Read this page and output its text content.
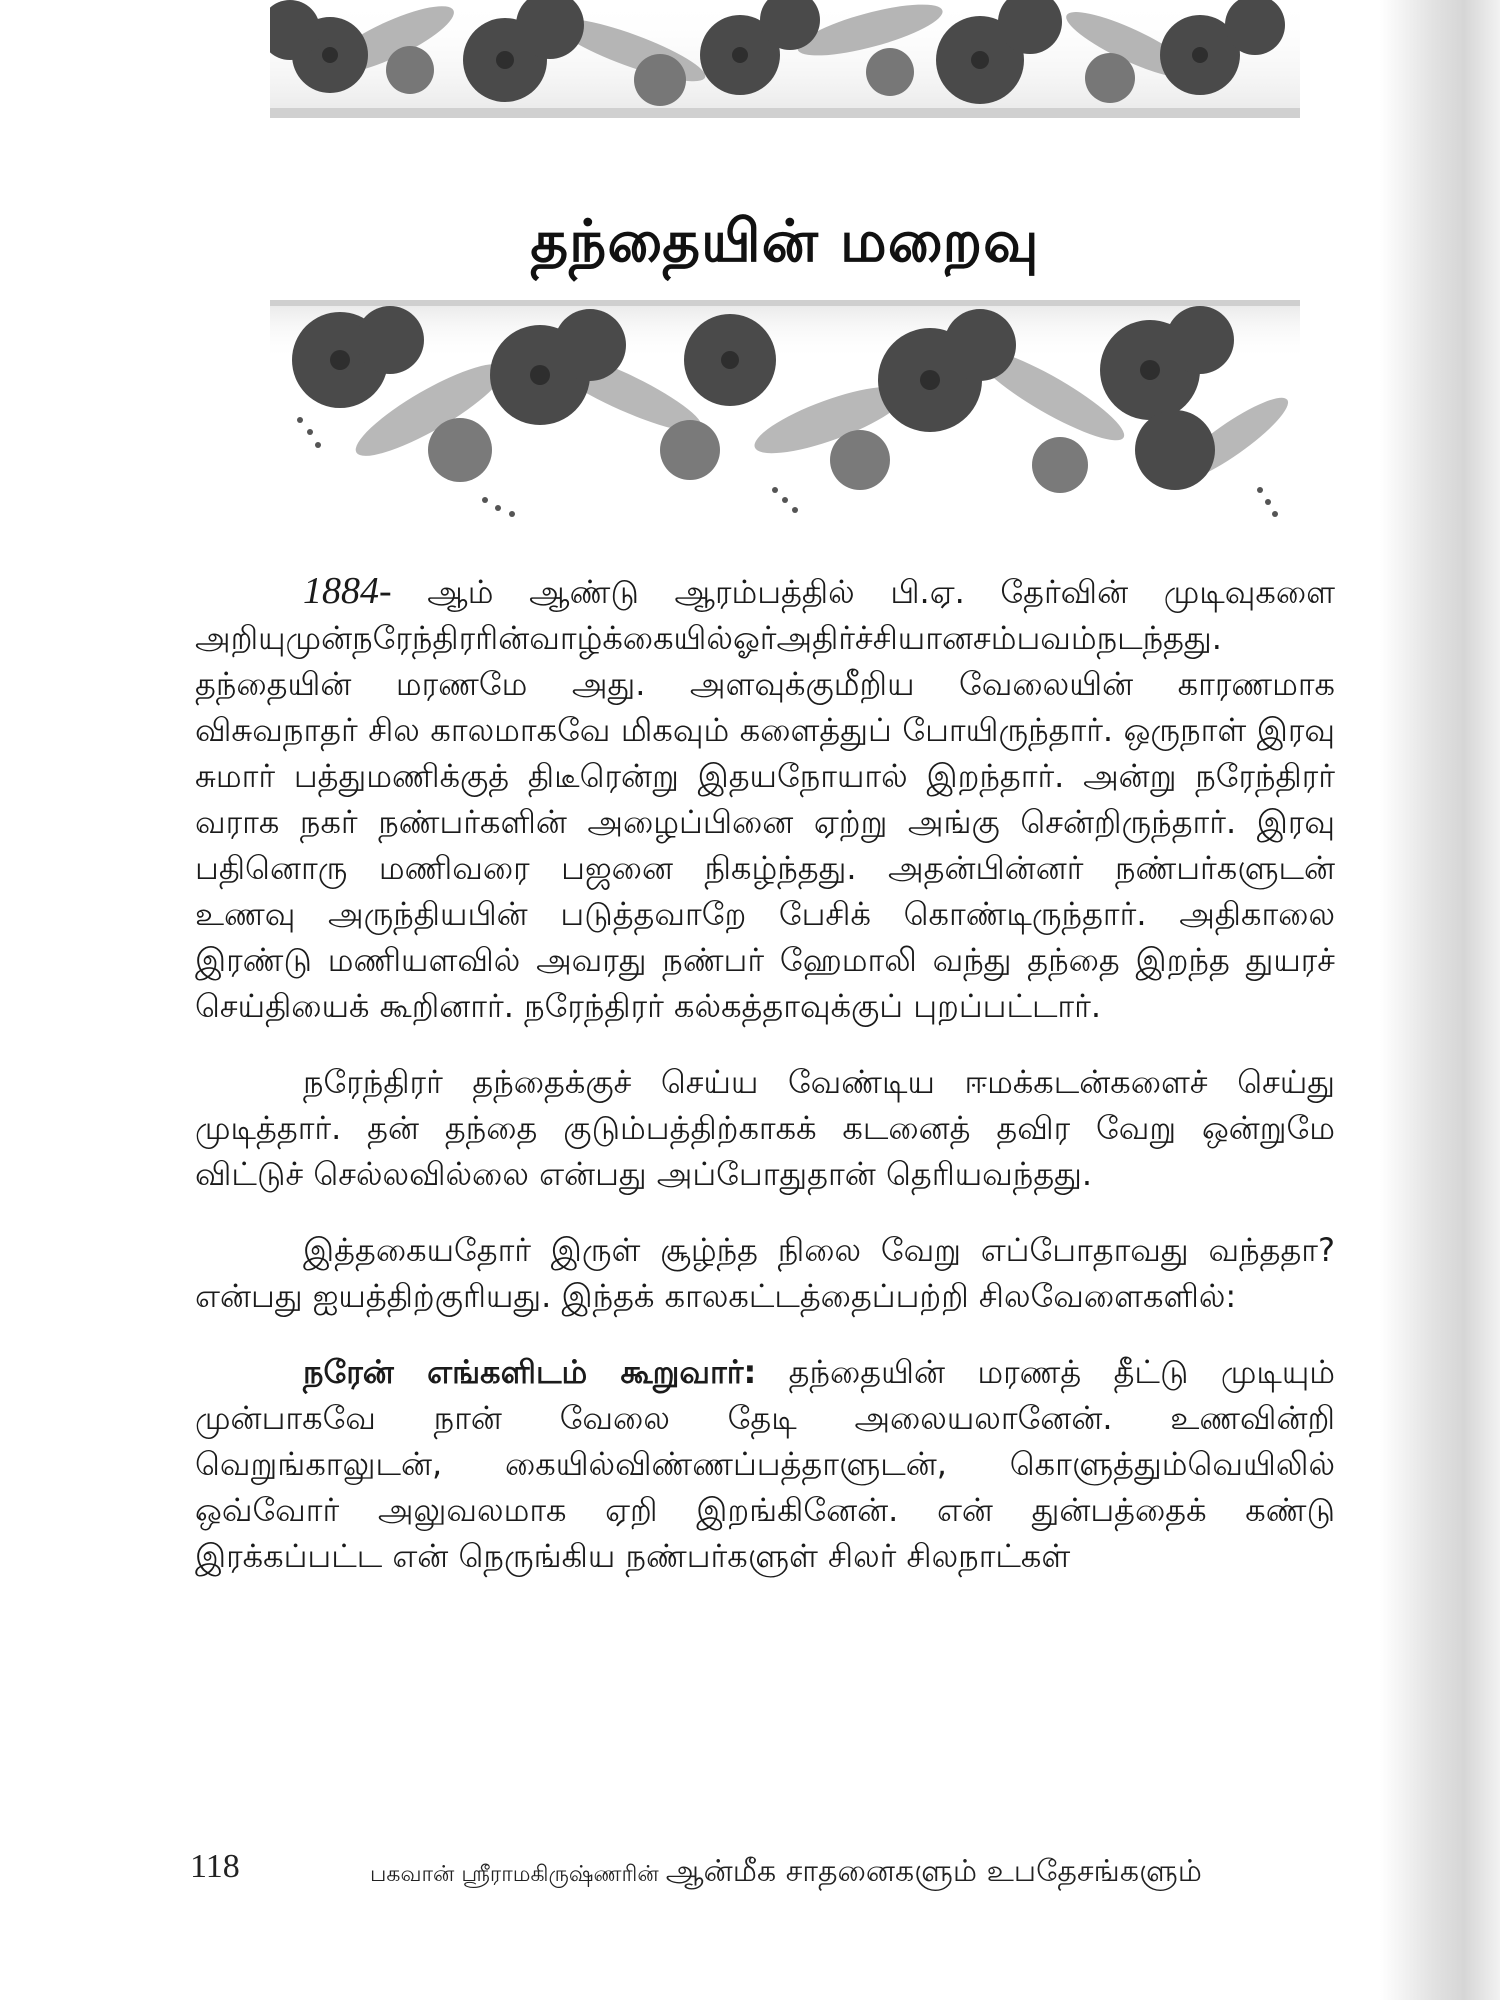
தந்தையின் மறைவு

1884- ஆம் ஆண்டு ஆரம்பத்தில் பி.ஏ. தேர்வின் முடிவுகளை அறியுமுன்நரேந்திரரின்வாழ்க்கையில்ஓர்அதிர்ச்சியானசம்பவம்நடந்தது. தந்தையின் மரணமே அது. அளவுக்குமீறிய வேலையின் காரணமாக விசுவநாதர் சில காலமாகவே மிகவும் களைத்துப் போயிருந்தார். ஒருநாள் இரவு சுமார் பத்துமணிக்குத் திடீரென்று இதயநோயால் இறந்தார். அன்று நரேந்திரர் வராக நகர் நண்பர்களின் அழைப்பினை ஏற்று அங்கு சென்றிருந்தார். இரவு பதினொரு மணிவரை பஜனை நிகழ்ந்தது. அதன்பின்னர் நண்பர்களுடன் உணவு அருந்தியபின் படுத்தவாறே பேசிக் கொண்டிருந்தார். அதிகாலை இரண்டு மணியளவில் அவரது நண்பர் ஹேமாலி வந்து தந்தை இறந்த துயரச் செய்தியைக் கூறினார். நரேந்திரர் கல்கத்தாவுக்குப் புறப்பட்டார்.

நரேந்திரர் தந்தைக்குச் செய்ய வேண்டிய ஈமக்கடன்களைச் செய்து முடித்தார். தன் தந்தை குடும்பத்திற்காகக் கடனைத் தவிர வேறு ஒன்றுமே விட்டுச் செல்லவில்லை என்பது அப்போதுதான் தெரியவந்தது.

இத்தகையதோர் இருள் சூழ்ந்த நிலை வேறு எப்போதாவது வந்ததா? என்பது ஐயத்திற்குரியது. இந்தக் காலகட்டத்தைப்பற்றி சிலவேளைகளில்:

நரேன் எங்களிடம் கூறுவார்: தந்தையின் மரணத் தீட்டு முடியும் முன்பாகவே நான் வேலை தேடி அலையலானேன். உணவின்றி வெறுங்காலுடன், கையில்விண்ணப்பத்தாளுடன், கொளுத்தும்வெயிலில் ஒவ்வோர் அலுவலமாக ஏறி இறங்கினேன். என் துன்பத்தைக் கண்டு இரக்கப்பட்ட என் நெருங்கிய நண்பர்களுள் சிலர் சிலநாட்கள்

118	பகவான் ஸ்ரீராமகிருஷ்ணரின் ஆன்மீக சாதனைகளும் உபதேசங்களும்
